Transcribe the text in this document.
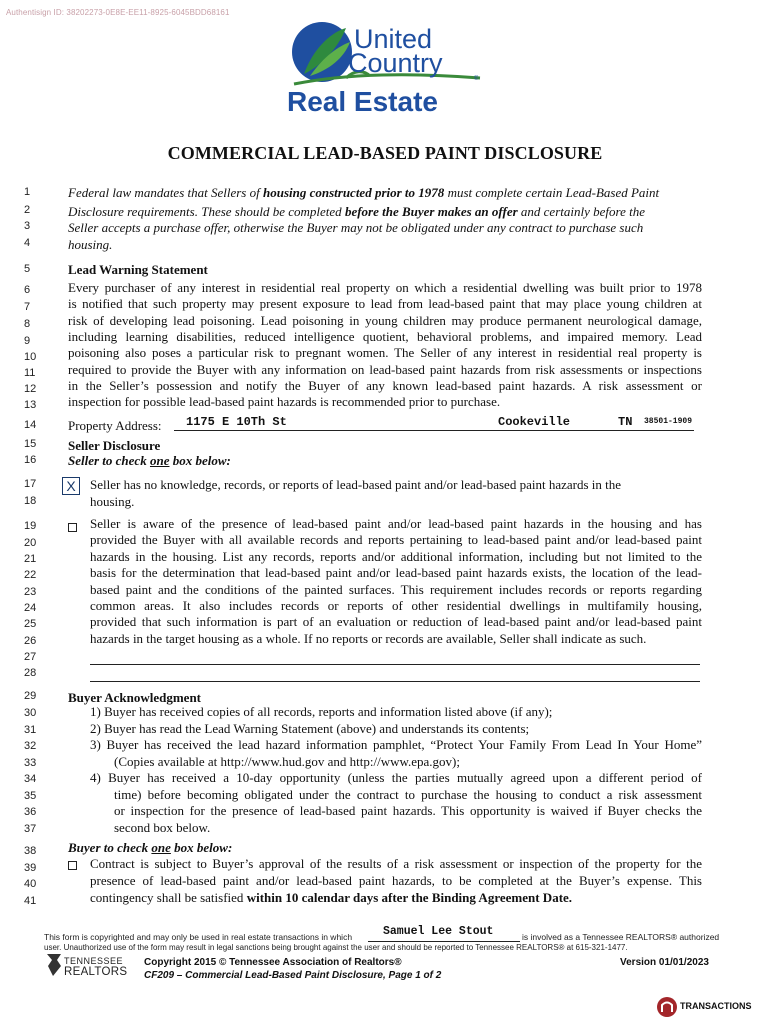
Authentisign ID: 38202273-0E8E-EE11-8925-6045BDD68161
United
Country
®
Real Estate
COMMERCIAL LEAD-BASED PAINT DISCLOSURE
1
2
3
4
5
6
7
8
9
10
11
12
13
14
15
16
17
18
19
20
21
22
23
24
25
26
27
28
29
30
31
32
33
34
35
36
37
38
39
40
41
Federal law mandates that Sellers of housing constructed prior to 1978 must complete certain Lead-Based Paint
Disclosure requirements. These should be completed before the Buyer makes an offer and certainly before the
Seller accepts a purchase offer, otherwise the Buyer may not be obligated under any contract to purchase such
housing.
Lead Warning Statement
Every purchaser of any interest in residential real property on which a residential dwelling was built prior to 1978
is notified that such property may present exposure to lead from lead-based paint that may place young children at
risk of developing lead poisoning. Lead poisoning in young children may produce permanent neurological damage,
including learning disabilities, reduced intelligence quotient, behavioral problems, and impaired memory. Lead
poisoning also poses a particular risk to pregnant women. The Seller of any interest in residential real property is
required to provide the Buyer with any information on lead-based paint hazards from risk assessments or inspections
in the Seller’s possession and notify the Buyer of any known lead-based paint hazards. A risk assessment or
inspection for possible lead-based paint hazards is recommended prior to purchase.
Property Address: 1175 E 10Th St	Cookeville	TN 38501-1909
Seller Disclosure
Seller to check one box below:
X	Seller has no knowledge, records, or reports of lead-based paint and/or lead-based paint hazards in the
housing.
Seller is aware of the presence of lead-based paint and/or lead-based paint hazards in the housing and has
provided the Buyer with all available records and reports pertaining to lead-based paint and/or lead-based paint
hazards in the housing. List any records, reports and/or additional information, including but not limited to the
basis for the determination that lead-based paint and/or lead-based paint hazards exists, the location of the lead-
based paint and the conditions of the painted surfaces. This requirement includes records or reports regarding
common areas. It also includes records or reports of other residential dwellings in multifamily housing,
provided that such information is part of an evaluation or reduction of lead-based paint and/or lead-based paint
hazards in the target housing as a whole. If no reports or records are available, Seller shall indicate as such.
Buyer Acknowledgment
1) Buyer has received copies of all records, reports and information listed above (if any);
2) Buyer has read the Lead Warning Statement (above) and understands its contents;
3) Buyer has received the lead hazard information pamphlet, “Protect Your Family From Lead In Your Home”
(Copies available at http://www.hud.gov and http://www.epa.gov);
4) Buyer has received a 10-day opportunity (unless the parties mutually agreed upon a different period of
time) before becoming obligated under the contract to purchase the housing to conduct a risk assessment
or inspection for the presence of lead-based paint hazards. This opportunity is waived if Buyer checks the
second box below.
Buyer to check one box below:
Contract is subject to Buyer’s approval of the results of a risk assessment or inspection of the property for the
presence of lead-based paint and/or lead-based paint hazards, to be completed at the Buyer’s expense. This
contingency shall be satisfied within 10 calendar days after the Binding Agreement Date.
This form is copyrighted and may only be used in real estate transactions in which	Samuel Lee Stout	is involved as a Tennessee REALTORS® authorized
user. Unauthorized use of the form may result in legal sanctions being brought against the user and should be reported to Tennessee REALTORS® at 615-321-1477.
TENNESSEE
REALTORS
Copyright 2015 © Tennessee Association of Realtors®
CF209 – Commercial Lead-Based Paint Disclosure, Page 1 of 2
Version 01/01/2023
TRANSACTIONS
